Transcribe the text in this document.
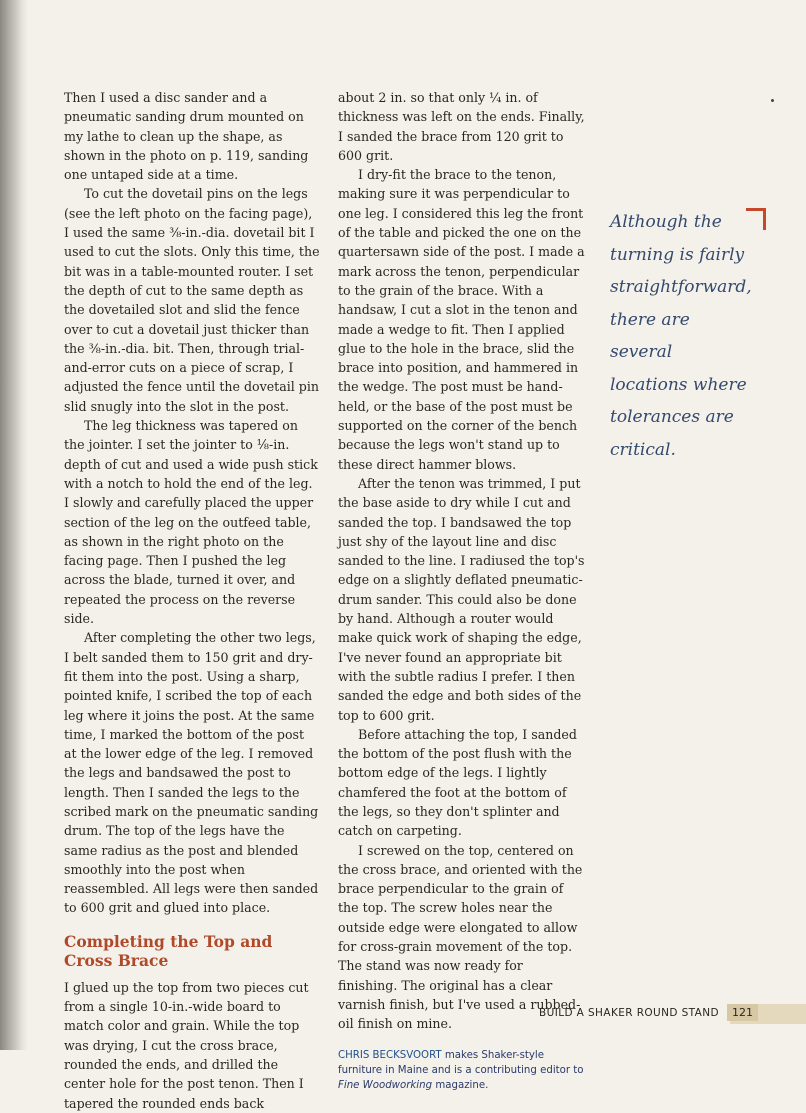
Then I used a disc sander and a pneumatic sanding drum mounted on my lathe to clean up the shape, as shown in the photo on p. 119, sanding one untaped side at a time.

To cut the dovetail pins on the legs (see the left photo on the facing page), I used the same ⅜-in.-dia. dovetail bit I used to cut the slots. Only this time, the bit was in a table-mounted router. I set the depth of cut to the same depth as the dovetailed slot and slid the fence over to cut a dovetail just thicker than the ⅜-in.-dia. bit. Then, through trial-and-error cuts on a piece of scrap, I adjusted the fence until the dovetail pin slid snugly into the slot in the post.

The leg thickness was tapered on the jointer. I set the jointer to ⅛-in. depth of cut and used a wide push stick with a notch to hold the end of the leg. I slowly and carefully placed the upper section of the leg on the outfeed table, as shown in the right photo on the facing page. Then I pushed the leg across the blade, turned it over, and repeated the process on the reverse side.

After completing the other two legs, I belt sanded them to 150 grit and dry-fit them into the post. Using a sharp, pointed knife, I scribed the top of each leg where it joins the post. At the same time, I marked the bottom of the post at the lower edge of the leg. I removed the legs and bandsawed the post to length. Then I sanded the legs to the scribed mark on the pneumatic sanding drum. The top of the legs have the same radius as the post and blended smoothly into the post when reassembled. All legs were then sanded to 600 grit and glued into place.

Completing the Top and Cross Brace

I glued up the top from two pieces cut from a single 10-in.-wide board to match color and grain. While the top was drying, I cut the cross brace, rounded the ends, and drilled the center hole for the post tenon. Then I tapered the rounded ends back

about 2 in. so that only ¼ in. of thickness was left on the ends. Finally, I sanded the brace from 120 grit to 600 grit.

I dry-fit the brace to the tenon, making sure it was perpendicular to one leg. I considered this leg the front of the table and picked the one on the quartersawn side of the post. I made a mark across the tenon, perpendicular to the grain of the brace. With a handsaw, I cut a slot in the tenon and made a wedge to fit. Then I applied glue to the hole in the brace, slid the brace into position, and hammered in the wedge. The post must be hand-held, or the base of the post must be supported on the corner of the bench because the legs won't stand up to these direct hammer blows.

After the tenon was trimmed, I put the base aside to dry while I cut and sanded the top. I bandsawed the top just shy of the layout line and disc sanded to the line. I radiused the top's edge on a slightly deflated pneumatic-drum sander. This could also be done by hand. Although a router would make quick work of shaping the edge, I've never found an appropriate bit with the subtle radius I prefer. I then sanded the edge and both sides of the top to 600 grit.

Before attaching the top, I sanded the bottom of the post flush with the bottom edge of the legs. I lightly chamfered the foot at the bottom of the legs, so they don't splinter and catch on carpeting.

I screwed on the top, centered on the cross brace, and oriented with the brace perpendicular to the grain of the top. The screw holes near the outside edge were elongated to allow for cross-grain movement of the top. The stand was now ready for finishing. The original has a clear varnish finish, but I've used a rubbed-oil finish on mine.

CHRIS BECKSVOORT makes Shaker-style furniture in Maine and is a contributing editor to Fine Woodworking magazine.
Although the turning is fairly straightforward, there are several locations where tolerances are critical.
BUILD A SHAKER ROUND STAND	121
